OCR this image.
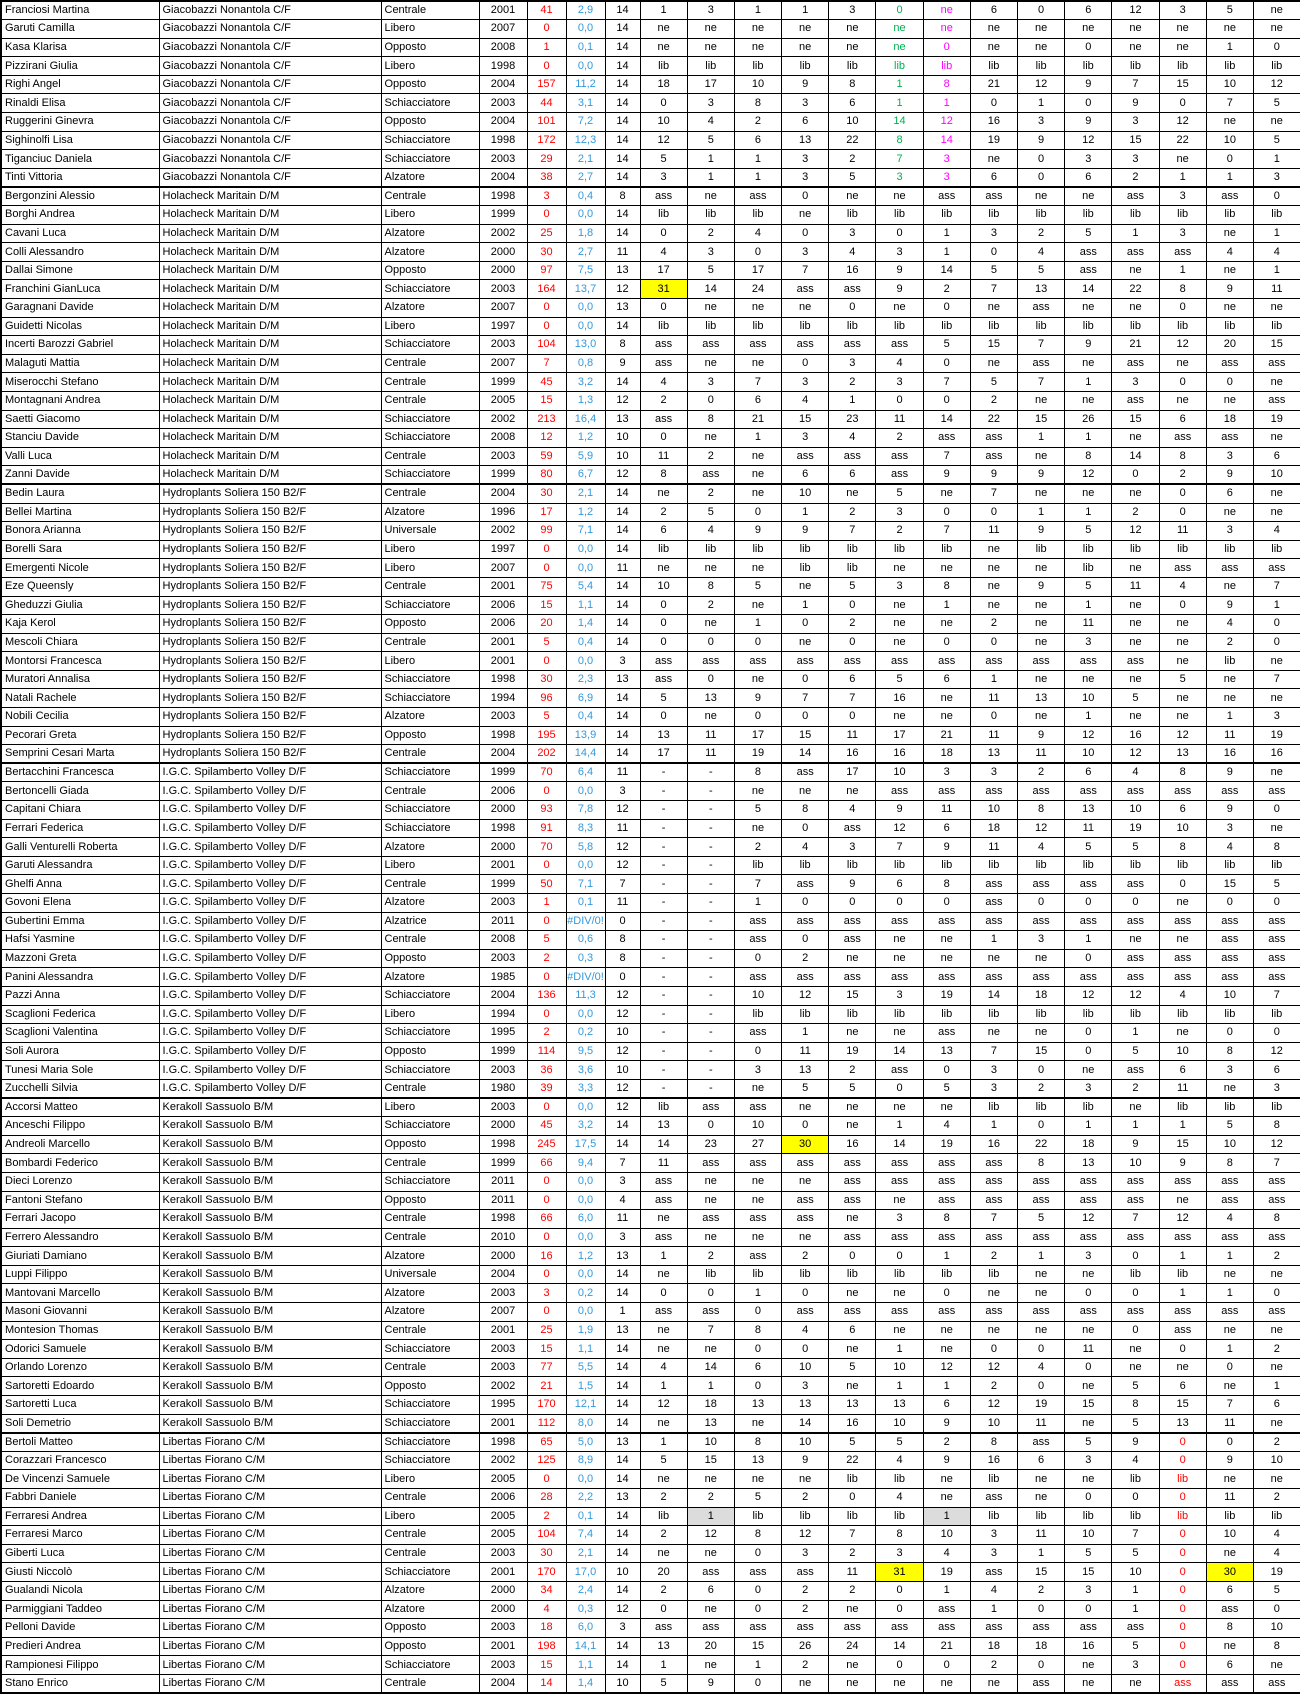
Franciosi Martina	Giacobazzi Nonantola C/F	Centrale	2001	41	2,9	14	1	3	1	1	3	0	ne	6	0	6	12	3	5	ne
Garuti Camilla	Giacobazzi Nonantola C/F	Libero	2007	0	0,0	14	ne	ne	ne	ne	ne	ne	ne	ne	ne	ne	ne	ne	ne	ne
Kasa Klarisa	Giacobazzi Nonantola C/F	Opposto	2008	1	0,1	14	ne	ne	ne	ne	ne	ne	0	ne	ne	0	ne	ne	1	0
Pizzirani Giulia	Giacobazzi Nonantola C/F	Libero	1998	0	0,0	14	lib	lib	lib	lib	lib	lib	lib	lib	lib	lib	lib	lib	lib	lib
Righi Angel	Giacobazzi Nonantola C/F	Opposto	2004	157	11,2	14	18	17	10	9	8	1	8	21	12	9	7	15	10	12
Rinaldi Elisa	Giacobazzi Nonantola C/F	Schiacciatore	2003	44	3,1	14	0	3	8	3	6	1	1	0	1	0	9	0	7	5
Ruggerini Ginevra	Giacobazzi Nonantola C/F	Opposto	2004	101	7,2	14	10	4	2	6	10	14	12	16	3	9	3	12	ne	ne
Sighinolfi Lisa	Giacobazzi Nonantola C/F	Schiacciatore	1998	172	12,3	14	12	5	6	13	22	8	14	19	9	12	15	22	10	5
Tiganciuc Daniela	Giacobazzi Nonantola C/F	Schiacciatore	2003	29	2,1	14	5	1	1	3	2	7	3	ne	0	3	3	ne	0	1
Tinti Vittoria	Giacobazzi Nonantola C/F	Alzatore	2004	38	2,7	14	3	1	1	3	5	3	3	6	0	6	2	1	1	3
Bergonzini Alessio	Holacheck Maritain D/M	Centrale	1998	3	0,4	8	ass	ne	ass	0	ne	ne	ass	ass	ne	ne	ass	3	ass	0
Borghi Andrea	Holacheck Maritain D/M	Libero	1999	0	0,0	14	lib	lib	lib	ne	lib	lib	lib	lib	lib	lib	lib	lib	lib	lib
Cavani Luca	Holacheck Maritain D/M	Alzatore	2002	25	1,8	14	0	2	4	0	3	0	1	3	2	5	1	3	ne	1
Colli Alessandro	Holacheck Maritain D/M	Alzatore	2000	30	2,7	11	4	3	0	3	4	3	1	0	4	ass	ass	ass	4	4
Dallai Simone	Holacheck Maritain D/M	Opposto	2000	97	7,5	13	17	5	17	7	16	9	14	5	5	ass	ne	1	ne	1
Franchini GianLuca	Holacheck Maritain D/M	Schiacciatore	2003	164	13,7	12	31	14	24	ass	ass	9	2	7	13	14	22	8	9	11
Garagnani Davide	Holacheck Maritain D/M	Alzatore	2007	0	0,0	13	0	ne	ne	ne	0	ne	0	ne	ass	ne	ne	0	ne	ne
Guidetti Nicolas	Holacheck Maritain D/M	Libero	1997	0	0,0	14	lib	lib	lib	lib	lib	lib	lib	lib	lib	lib	lib	lib	lib	lib
Incerti Barozzi Gabriel	Holacheck Maritain D/M	Schiacciatore	2003	104	13,0	8	ass	ass	ass	ass	ass	ass	5	15	7	9	21	12	20	15
Malaguti Mattia	Holacheck Maritain D/M	Centrale	2007	7	0,8	9	ass	ne	ne	0	3	4	0	ne	ass	ne	ass	ne	ass	ass
Miserocchi Stefano	Holacheck Maritain D/M	Centrale	1999	45	3,2	14	4	3	7	3	2	3	7	5	7	1	3	0	0	ne
Montagnani Andrea	Holacheck Maritain D/M	Centrale	2005	15	1,3	12	2	0	6	4	1	0	0	2	ne	ne	ass	ne	ne	ass
Saetti Giacomo	Holacheck Maritain D/M	Schiacciatore	2002	213	16,4	13	ass	8	21	15	23	11	14	22	15	26	15	6	18	19
Stanciu Davide	Holacheck Maritain D/M	Schiacciatore	2008	12	1,2	10	0	ne	1	3	4	2	ass	ass	1	1	ne	ass	ass	ne
Valli Luca	Holacheck Maritain D/M	Centrale	2003	59	5,9	10	11	2	ne	ass	ass	ass	7	ass	ne	8	14	8	3	6
Zanni Davide	Holacheck Maritain D/M	Schiacciatore	1999	80	6,7	12	8	ass	ne	6	6	ass	9	9	9	12	0	2	9	10
Bedin Laura	Hydroplants Soliera 150 B2/F	Centrale	2004	30	2,1	14	ne	2	ne	10	ne	5	ne	7	ne	ne	ne	0	6	ne
Bellei Martina	Hydroplants Soliera 150 B2/F	Alzatore	1996	17	1,2	14	2	5	0	1	2	3	0	0	1	1	2	0	ne	ne
Bonora Arianna	Hydroplants Soliera 150 B2/F	Universale	2002	99	7,1	14	6	4	9	9	7	2	7	11	9	5	12	11	3	4
Borelli Sara	Hydroplants Soliera 150 B2/F	Libero	1997	0	0,0	14	lib	lib	lib	lib	lib	lib	lib	ne	lib	lib	lib	lib	lib	lib
Emergenti Nicole	Hydroplants Soliera 150 B2/F	Libero	2007	0	0,0	11	ne	ne	ne	lib	lib	ne	ne	ne	ne	lib	ne	ass	ass	ass
Eze Queensly	Hydroplants Soliera 150 B2/F	Centrale	2001	75	5,4	14	10	8	5	ne	5	3	8	ne	9	5	11	4	ne	7
Gheduzzi Giulia	Hydroplants Soliera 150 B2/F	Schiacciatore	2006	15	1,1	14	0	2	ne	1	0	ne	1	ne	ne	1	ne	0	9	1
Kaja Kerol	Hydroplants Soliera 150 B2/F	Opposto	2006	20	1,4	14	0	ne	1	0	2	ne	ne	2	ne	11	ne	ne	4	0
Mescoli Chiara	Hydroplants Soliera 150 B2/F	Centrale	2001	5	0,4	14	0	0	0	ne	0	ne	0	0	ne	3	ne	ne	2	0
Montorsi Francesca	Hydroplants Soliera 150 B2/F	Libero	2001	0	0,0	3	ass	ass	ass	ass	ass	ass	ass	ass	ass	ass	ass	ne	lib	ne
Muratori Annalisa	Hydroplants Soliera 150 B2/F	Schiacciatore	1998	30	2,3	13	ass	0	ne	0	6	5	6	1	ne	ne	ne	5	ne	7
Natali Rachele	Hydroplants Soliera 150 B2/F	Schiacciatore	1994	96	6,9	14	5	13	9	7	7	16	ne	11	13	10	5	ne	ne	ne
Nobili Cecilia	Hydroplants Soliera 150 B2/F	Alzatore	2003	5	0,4	14	0	ne	0	0	0	ne	ne	0	ne	1	ne	ne	1	3
Pecorari Greta	Hydroplants Soliera 150 B2/F	Opposto	1998	195	13,9	14	13	11	17	15	11	17	21	11	9	12	16	12	11	19
Semprini Cesari Marta	Hydroplants Soliera 150 B2/F	Centrale	2004	202	14,4	14	17	11	19	14	16	16	18	13	11	10	12	13	16	16
Bertacchini Francesca	I.G.C. Spilamberto Volley D/F	Schiacciatore	1999	70	6,4	11	-	-	8	ass	17	10	3	3	2	6	4	8	9	ne
Bertoncelli Giada	I.G.C. Spilamberto Volley D/F	Centrale	2006	0	0,0	3	-	-	ne	ne	ne	ass	ass	ass	ass	ass	ass	ass	ass	ass
Capitani Chiara	I.G.C. Spilamberto Volley D/F	Schiacciatore	2000	93	7,8	12	-	-	5	8	4	9	11	10	8	13	10	6	9	0
Ferrari Federica	I.G.C. Spilamberto Volley D/F	Schiacciatore	1998	91	8,3	11	-	-	ne	0	ass	12	6	18	12	11	19	10	3	ne
Galli Venturelli Roberta	I.G.C. Spilamberto Volley D/F	Alzatore	2000	70	5,8	12	-	-	2	4	3	7	9	11	4	5	5	8	4	8
Garuti Alessandra	I.G.C. Spilamberto Volley D/F	Libero	2001	0	0,0	12	-	-	lib	lib	lib	lib	lib	lib	lib	lib	lib	lib	lib	lib
Ghelfi Anna	I.G.C. Spilamberto Volley D/F	Centrale	1999	50	7,1	7	-	-	7	ass	9	6	8	ass	ass	ass	ass	0	15	5
Govoni Elena	I.G.C. Spilamberto Volley D/F	Alzatore	2003	1	0,1	11	-	-	1	0	0	0	0	ass	0	0	0	ne	0	0
Gubertini Emma	I.G.C. Spilamberto Volley D/F	Alzatrice	2011	0	#DIV/0!	0	-	-	ass	ass	ass	ass	ass	ass	ass	ass	ass	ass	ass	ass
Hafsi Yasmine	I.G.C. Spilamberto Volley D/F	Centrale	2008	5	0,6	8	-	-	ass	0	ass	ne	ne	1	3	1	ne	ne	ass	ass
Mazzoni Greta	I.G.C. Spilamberto Volley D/F	Opposto	2003	2	0,3	8	-	-	0	2	ne	ne	ne	ne	ne	0	ass	ass	ass	ass
Panini Alessandra	I.G.C. Spilamberto Volley D/F	Alzatore	1985	0	#DIV/0!	0	-	-	ass	ass	ass	ass	ass	ass	ass	ass	ass	ass	ass	ass
Pazzi Anna	I.G.C. Spilamberto Volley D/F	Schiacciatore	2004	136	11,3	12	-	-	10	12	15	3	19	14	18	12	12	4	10	7
Scaglioni Federica	I.G.C. Spilamberto Volley D/F	Libero	1994	0	0,0	12	-	-	lib	lib	lib	lib	lib	lib	lib	lib	lib	lib	lib	lib
Scaglioni Valentina	I.G.C. Spilamberto Volley D/F	Schiacciatore	1995	2	0,2	10	-	-	ass	1	ne	ne	ass	ne	ne	0	1	ne	0	0
Soli Aurora	I.G.C. Spilamberto Volley D/F	Opposto	1999	114	9,5	12	-	-	0	11	19	14	13	7	15	0	5	10	8	12
Tunesi Maria Sole	I.G.C. Spilamberto Volley D/F	Schiacciatore	2003	36	3,6	10	-	-	3	13	2	ass	0	3	0	ne	ass	6	3	6
Zucchelli Silvia	I.G.C. Spilamberto Volley D/F	Centrale	1980	39	3,3	12	-	-	ne	5	5	0	5	3	2	3	2	11	ne	3
Accorsi Matteo	Kerakoll Sassuolo B/M	Libero	2003	0	0,0	12	lib	ass	ass	ne	ne	ne	ne	lib	lib	lib	ne	lib	lib	lib
Anceschi Filippo	Kerakoll Sassuolo B/M	Schiacciatore	2000	45	3,2	14	13	0	10	0	ne	1	4	1	0	1	1	1	5	8
Andreoli Marcello	Kerakoll Sassuolo B/M	Opposto	1998	245	17,5	14	14	23	27	30	16	14	19	16	22	18	9	15	10	12
Bombardi Federico	Kerakoll Sassuolo B/M	Centrale	1999	66	9,4	7	11	ass	ass	ass	ass	ass	ass	ass	8	13	10	9	8	7
Dieci Lorenzo	Kerakoll Sassuolo B/M	Schiacciatore	2011	0	0,0	3	ass	ne	ne	ne	ass	ass	ass	ass	ass	ass	ass	ass	ass	ass
Fantoni Stefano	Kerakoll Sassuolo B/M	Opposto	2011	0	0,0	4	ass	ne	ne	ass	ass	ne	ass	ass	ass	ass	ass	ne	ass	ass
Ferrari Jacopo	Kerakoll Sassuolo B/M	Centrale	1998	66	6,0	11	ne	ass	ass	ass	ne	3	8	7	5	12	7	12	4	8
Ferrero Alessandro	Kerakoll Sassuolo B/M	Centrale	2010	0	0,0	3	ass	ne	ne	ne	ass	ass	ass	ass	ass	ass	ass	ass	ass	ass
Giuriati Damiano	Kerakoll Sassuolo B/M	Alzatore	2000	16	1,2	13	1	2	ass	2	0	0	1	2	1	3	0	1	1	2
Luppi Filippo	Kerakoll Sassuolo B/M	Universale	2004	0	0,0	14	ne	lib	lib	lib	lib	lib	lib	lib	ne	ne	lib	lib	ne	ne
Mantovani Marcello	Kerakoll Sassuolo B/M	Alzatore	2003	3	0,2	14	0	0	1	0	ne	ne	0	ne	ne	0	0	1	1	0
Masoni Giovanni	Kerakoll Sassuolo B/M	Alzatore	2007	0	0,0	1	ass	ass	0	ass	ass	ass	ass	ass	ass	ass	ass	ass	ass	ass
Montesion Thomas	Kerakoll Sassuolo B/M	Centrale	2001	25	1,9	13	ne	7	8	4	6	ne	ne	ne	ne	ne	0	ass	ne	ne
Odorici Samuele	Kerakoll Sassuolo B/M	Schiacciatore	2003	15	1,1	14	ne	ne	0	0	ne	1	ne	0	0	11	ne	0	1	2
Orlando Lorenzo	Kerakoll Sassuolo B/M	Centrale	2003	77	5,5	14	4	14	6	10	5	10	12	12	4	0	ne	ne	0	ne
Sartoretti Edoardo	Kerakoll Sassuolo B/M	Opposto	2002	21	1,5	14	1	1	0	3	ne	1	1	2	0	ne	5	6	ne	1
Sartoretti Luca	Kerakoll Sassuolo B/M	Schiacciatore	1995	170	12,1	14	12	18	13	13	13	13	6	12	19	15	8	15	7	6
Soli Demetrio	Kerakoll Sassuolo B/M	Schiacciatore	2001	112	8,0	14	ne	13	ne	14	16	10	9	10	11	ne	5	13	11	ne
Bertoli Matteo	Libertas Fiorano C/M	Schiacciatore	1998	65	5,0	13	1	10	8	10	5	5	2	8	ass	5	9	0	0	2
Corazzari Francesco	Libertas Fiorano C/M	Schiacciatore	2002	125	8,9	14	5	15	13	9	22	4	9	16	6	3	4	0	9	10
De Vincenzi Samuele	Libertas Fiorano C/M	Libero	2005	0	0,0	14	ne	ne	ne	ne	lib	lib	ne	lib	ne	ne	lib	lib	ne	ne
Fabbri Daniele	Libertas Fiorano C/M	Centrale	2006	28	2,2	13	2	2	5	2	0	4	ne	ass	ne	0	0	0	11	2
Ferraresi Andrea	Libertas Fiorano C/M	Libero	2005	2	0,1	14	lib	1	lib	lib	lib	lib	1	lib	lib	lib	lib	lib	lib	lib
Ferraresi Marco	Libertas Fiorano C/M	Centrale	2005	104	7,4	14	2	12	8	12	7	8	10	3	11	10	7	0	10	4
Giberti Luca	Libertas Fiorano C/M	Centrale	2003	30	2,1	14	ne	ne	0	3	2	3	4	3	1	5	5	0	ne	4
Giusti Niccolò	Libertas Fiorano C/M	Schiacciatore	2001	170	17,0	10	20	ass	ass	ass	11	31	19	ass	15	15	10	0	30	19
Gualandi Nicola	Libertas Fiorano C/M	Alzatore	2000	34	2,4	14	2	6	0	2	2	0	1	4	2	3	1	0	6	5
Parmiggiani Taddeo	Libertas Fiorano C/M	Alzatore	2000	4	0,3	12	0	ne	0	2	ne	0	ass	1	0	0	1	0	ass	0
Pelloni Davide	Libertas Fiorano C/M	Opposto	2003	18	6,0	3	ass	ass	ass	ass	ass	ass	ass	ass	ass	ass	ass	0	8	10
Predieri Andrea	Libertas Fiorano C/M	Opposto	2001	198	14,1	14	13	20	15	26	24	14	21	18	18	16	5	0	ne	8
Rampionesi Filippo	Libertas Fiorano C/M	Schiacciatore	2003	15	1,1	14	1	ne	1	2	ne	0	0	2	0	ne	3	0	6	ne
Stano Enrico	Libertas Fiorano C/M	Centrale	2004	14	1,4	10	5	9	0	ne	ne	ne	ne	ne	ass	ne	ne	ass	ass	ass
